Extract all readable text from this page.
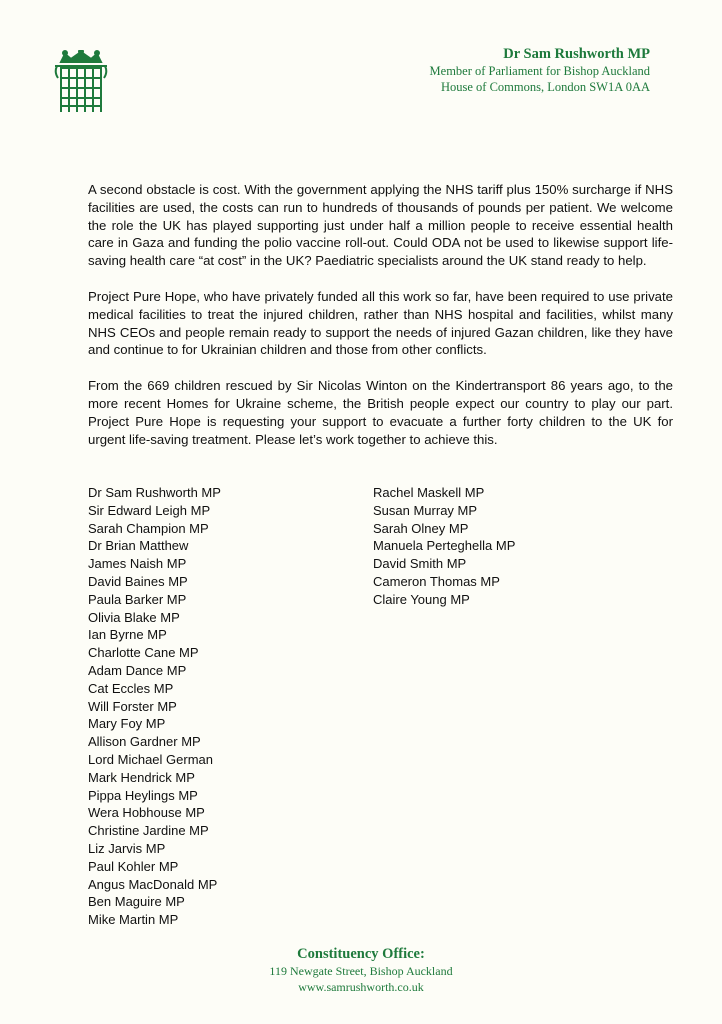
Dr Sam Rushworth MP
Member of Parliament for Bishop Auckland
House of Commons, London SW1A 0AA

A second obstacle is cost. With the government applying the NHS tariff plus 150% surcharge if NHS facilities are used, the costs can run to hundreds of thousands of pounds per patient. We welcome the role the UK has played supporting just under half a million people to receive essential health care in Gaza and funding the polio vaccine roll-out. Could ODA not be used to likewise support life-saving health care “at cost” in the UK? Paediatric specialists around the UK stand ready to help.

Project Pure Hope, who have privately funded all this work so far, have been required to use private medical facilities to treat the injured children, rather than NHS hospital and facilities, whilst many NHS CEOs and people remain ready to support the needs of injured Gazan children, like they have and continue to for Ukrainian children and those from other conflicts.

From the 669 children rescued by Sir Nicolas Winton on the Kindertransport 86 years ago, to the more recent Homes for Ukraine scheme, the British people expect our country to play our part. Project Pure Hope is requesting your support to evacuate a further forty children to the UK for urgent life-saving treatment. Please let’s work together to achieve this.

Dr Sam Rushworth MP
Sir Edward Leigh MP
Sarah Champion MP
Dr Brian Matthew
James Naish MP
David Baines MP
Paula Barker MP
Olivia Blake MP
Ian Byrne MP
Charlotte Cane MP
Adam Dance MP
Cat Eccles MP
Will Forster MP
Mary Foy MP
Allison Gardner MP
Lord Michael German
Mark Hendrick MP
Pippa Heylings MP
Wera Hobhouse MP
Christine Jardine MP
Liz Jarvis MP
Paul Kohler MP
Angus MacDonald MP
Ben Maguire MP
Mike Martin MP
Rachel Maskell MP
Susan Murray MP
Sarah Olney MP
Manuela Perteghella MP
David Smith MP
Cameron Thomas MP
Claire Young MP
Constituency Office:
119 Newgate Street, Bishop Auckland
www.samrushworth.co.uk
